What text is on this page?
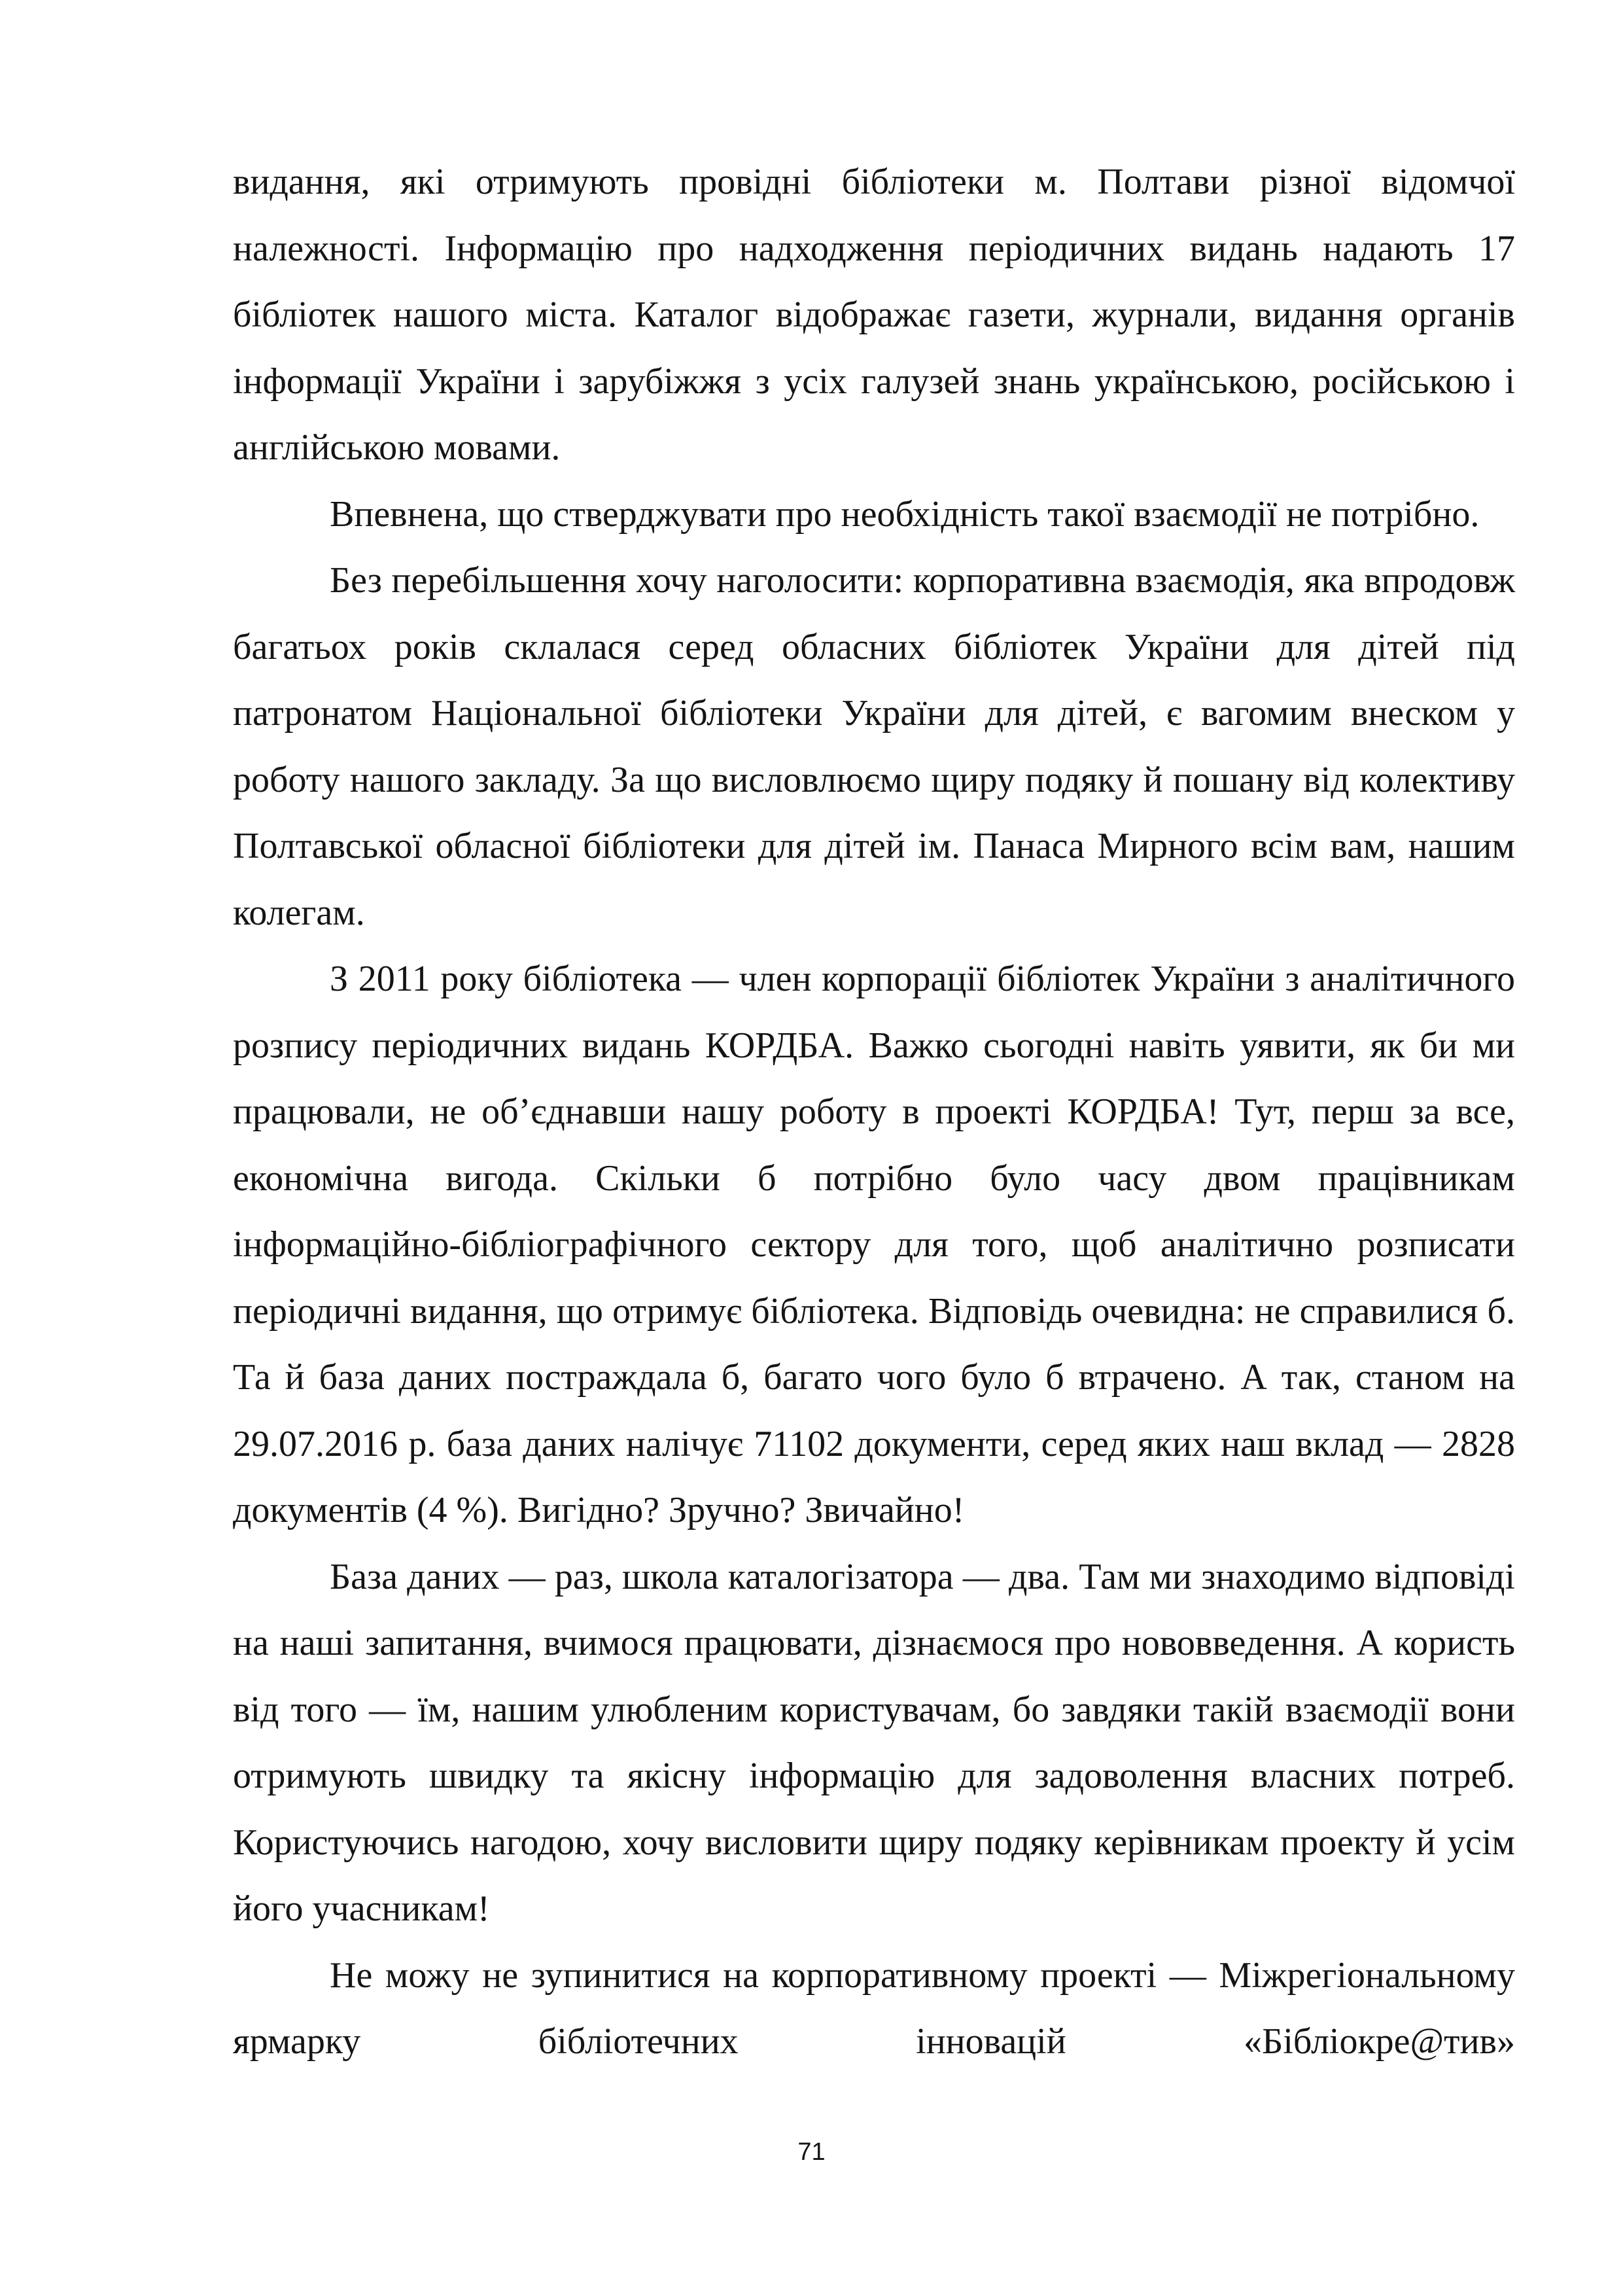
видання, які отримують провідні бібліотеки м. Полтави різної відомчої належності. Інформацію про надходження періодичних видань надають 17 бібліотек нашого міста. Каталог відображає газети, журнали, видання органів інформації України і зарубіжжя з усіх галузей знань українською, російською і англійською мовами.

Впевнена, що стверджувати про необхідність такої взаємодії не потрібно.

Без перебільшення хочу наголосити: корпоративна взаємодія, яка впродовж багатьох років склалася серед обласних бібліотек України для дітей під патронатом Національної бібліотеки України для дітей, є вагомим внеском у роботу нашого закладу. За що висловлюємо щиру подяку й пошану від колективу Полтавської обласної бібліотеки для дітей ім. Панаса Мирного всім вам, нашим колегам.

З 2011 року бібліотека — член корпорації бібліотек України з аналітичного розпису періодичних видань КОРДБА. Важко сьогодні навіть уявити, як би ми працювали, не об’єднавши нашу роботу в проекті КОРДБА! Тут, перш за все, економічна вигода. Скільки б потрібно було часу двом працівникам інформаційно-бібліографічного сектору для того, щоб аналітично розписати періодичні видання, що отримує бібліотека. Відповідь очевидна: не справилися б. Та й база даних постраждала б, багато чого було б втрачено. А так, станом на 29.07.2016 р. база даних налічує 71102 документи, серед яких наш вклад — 2828 документів (4 %). Вигідно? Зручно? Звичайно!

База даних — раз, школа каталогізатора — два. Там ми знаходимо відповіді на наші запитання, вчимося працювати, дізнаємося про нововведення. А користь від того — їм, нашим улюбленим користувачам, бо завдяки такій взаємодії вони отримують швидку та якісну інформацію для задоволення власних потреб. Користуючись нагодою, хочу висловити щиру подяку керівникам проекту й усім його учасникам!

Не можу не зупинитися на корпоративному проекті — Міжрегіональному ярмарку бібліотечних інновацій «Бібліокре@тив»

71
